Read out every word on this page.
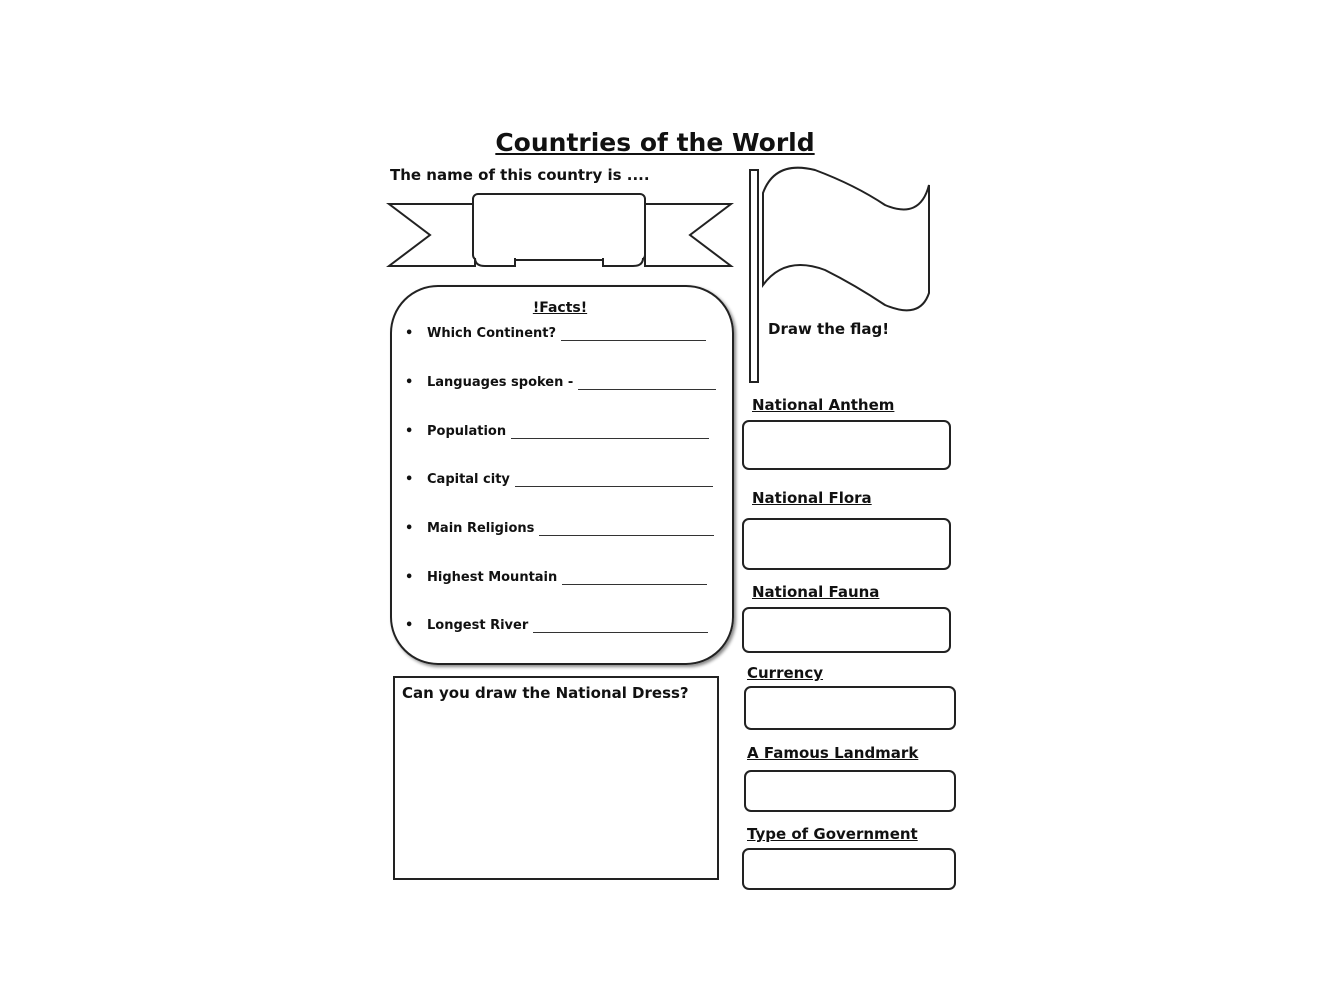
Countries of the World
The name of this country is ....
Draw the flag!
!Facts!
•	Which Continent?
•	Languages spoken -
•	Population
•	Capital city
•	Main Religions
•	Highest Mountain
•	Longest River
Can you draw the National Dress?
National Anthem
National Flora
National Fauna
Currency
A Famous Landmark
Type of Government
